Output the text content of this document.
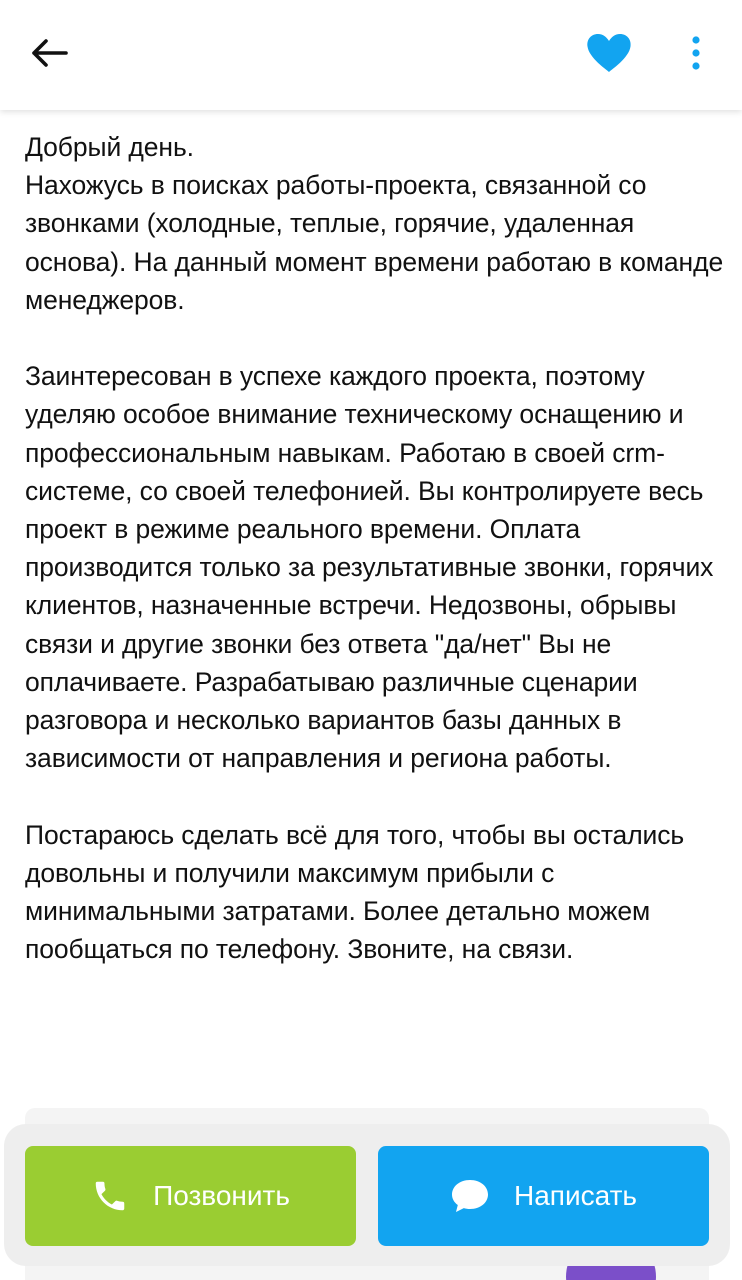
Добрый день.
Нахожусь в поисках работы-проекта, связанной со звонками (холодные, теплые, горячие, удаленная основа). На данный момент времени работаю в команде менеджеров.

Заинтересован в успехе каждого проекта, поэтому уделяю особое внимание техническому оснащению и профессиональным навыкам. Работаю в своей crm-системе, со своей телефонией. Вы контролируете весь проект в режиме реального времени. Оплата производится только за результативные звонки, горячих клиентов, назначенные встречи. Недозвоны, обрывы связи и другие звонки без ответа "да/нет" Вы не оплачиваете. Разрабатываю различные сценарии разговора и несколько вариантов базы данных в зависимости от направления и региона работы.

Постараюсь сделать всё для того, чтобы вы остались довольны и получили максимум прибыли с минимальными затратами. Более детально можем пообщаться по телефону. Звоните, на связи.
Позвонить	Написать
